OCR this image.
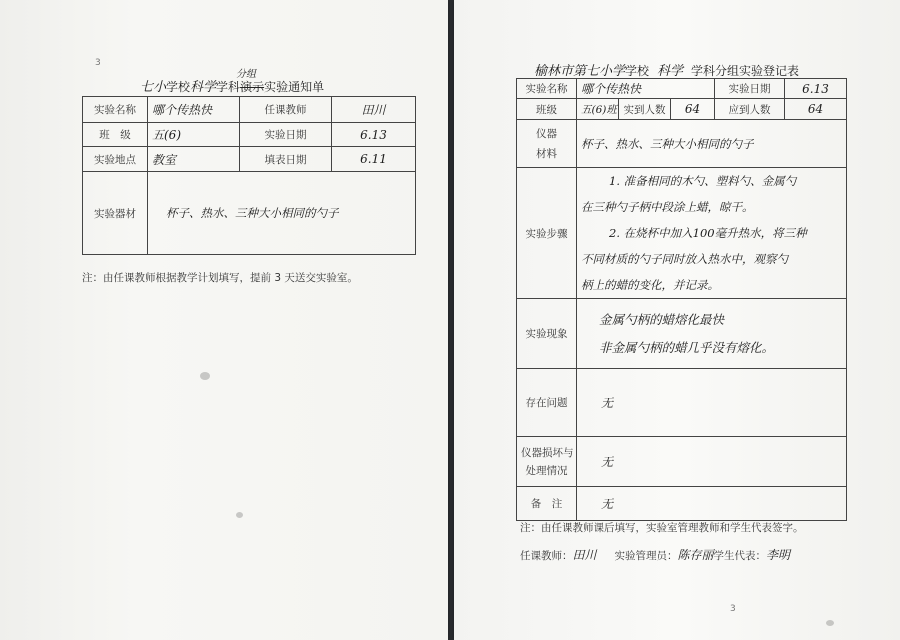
3
分组
七小学校科学学科演示实验通知单
实验名称	哪个传热快	任课教师	田川
班　级	五(6)	实验日期	6.13
实验地点	教室	填表日期	6.11
实验器材	杯子、热水、三种大小相同的勺子		
注：由任课教师根据教学计划填写，提前 3 天送交实验室。
榆林市第七小学学校 科学 学科分组实验登记表
实验名称	哪个传热快			实验日期	6.13
班级	五(6)班	实到人数	64	应到人数	64
仪器
材料	杯子、热水、三种大小相同的勺子				
实验步骤	1. 准备相同的木勺、塑料勺、金属勺
在三种勺子柄中段涂上蜡，晾干。
2. 在烧杯中加入100毫升热水，将三种
不同材质的勺子同时放入热水中，观察勺
柄上的蜡的变化，并记录。				

实验现象	金属勺柄的蜡熔化最快
非金属勺柄的蜡几乎没有熔化。				

存在问题	无				
仪器损坏与
处理情况	无				
备　注	无				
注：由任课教师课后填写，实验室管理教师和学生代表签字。
任课教师：田川 实验管理员：陈存丽学生代表：李明
3
